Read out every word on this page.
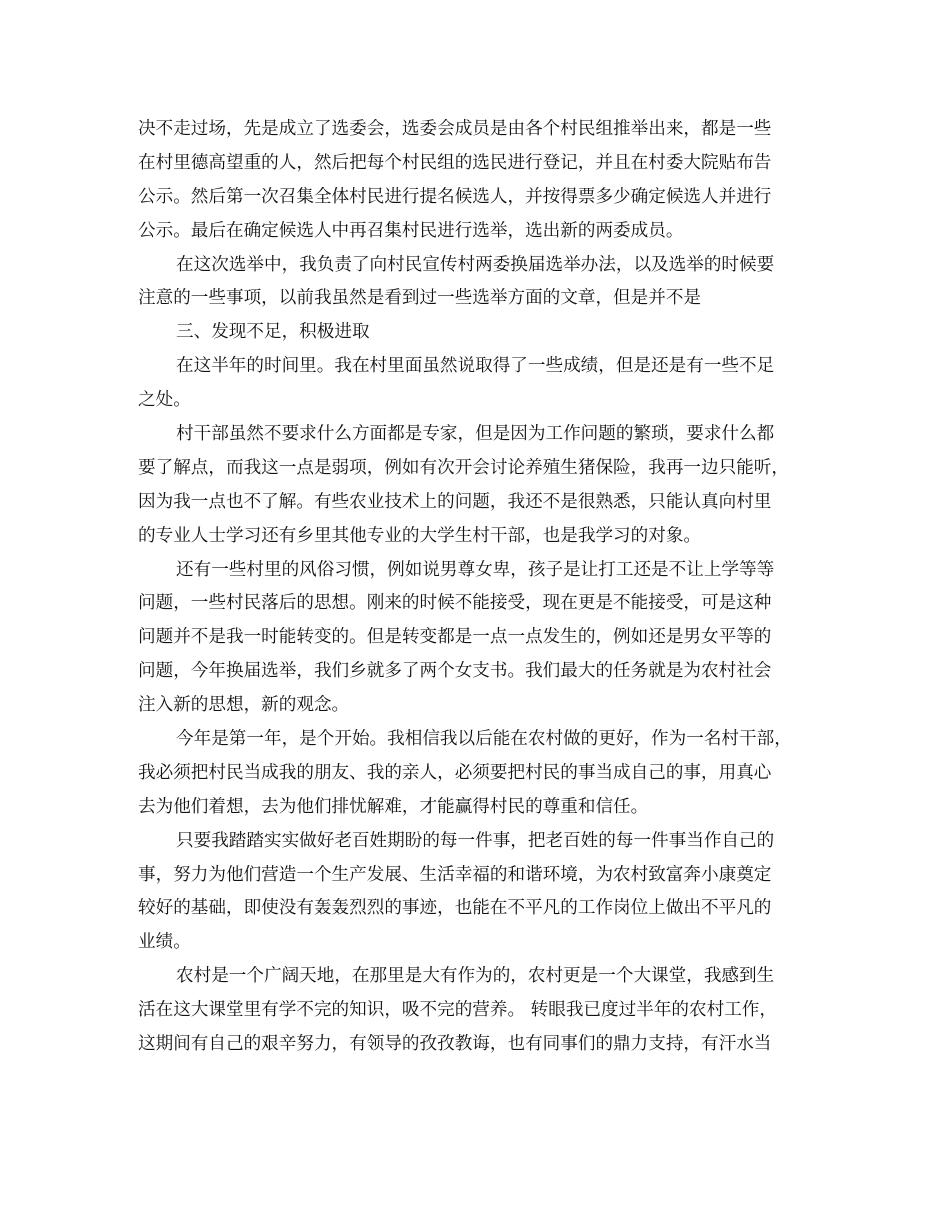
决不走过场，先是成立了选委会，选委会成员是由各个村民组推举出来，都是一些
在村里德高望重的人，然后把每个村民组的选民进行登记，并且在村委大院贴布告
公示。然后第一次召集全体村民进行提名候选人，并按得票多少确定候选人并进行
公示。最后在确定候选人中再召集村民进行选举，选出新的两委成员。
在这次选举中，我负责了向村民宣传村两委换届选举办法，以及选举的时候要
注意的一些事项，以前我虽然是看到过一些选举方面的文章，但是并不是
三、发现不足，积极进取
在这半年的时间里。我在村里面虽然说取得了一些成绩，但是还是有一些不足
之处。
村干部虽然不要求什么方面都是专家，但是因为工作问题的繁琐，要求什么都
要了解点，而我这一点是弱项，例如有次开会讨论养殖生猪保险，我再一边只能听，
因为我一点也不了解。有些农业技术上的问题，我还不是很熟悉，只能认真向村里
的专业人士学习还有乡里其他专业的大学生村干部，也是我学习的对象。
还有一些村里的风俗习惯，例如说男尊女卑，孩子是让打工还是不让上学等等
问题，一些村民落后的思想。刚来的时候不能接受，现在更是不能接受，可是这种
问题并不是我一时能转变的。但是转变都是一点一点发生的，例如还是男女平等的
问题，今年换届选举，我们乡就多了两个女支书。我们最大的任务就是为农村社会
注入新的思想，新的观念。
今年是第一年，是个开始。我相信我以后能在农村做的更好，作为一名村干部，
我必须把村民当成我的朋友、我的亲人，必须要把村民的事当成自己的事，用真心
去为他们着想，去为他们排忧解难，才能赢得村民的尊重和信任。
只要我踏踏实实做好老百姓期盼的每一件事，把老百姓的每一件事当作自己的
事，努力为他们营造一个生产发展、生活幸福的和谐环境，为农村致富奔小康奠定
较好的基础，即使没有轰轰烈烈的事迹，也能在不平凡的工作岗位上做出不平凡的
业绩。
农村是一个广阔天地，在那里是大有作为的，农村更是一个大课堂，我感到生
活在这大课堂里有学不完的知识，吸不完的营养。 转眼我已度过半年的农村工作，
这期间有自己的艰辛努力，有领导的孜孜教诲，也有同事们的鼎力支持，有汗水当
